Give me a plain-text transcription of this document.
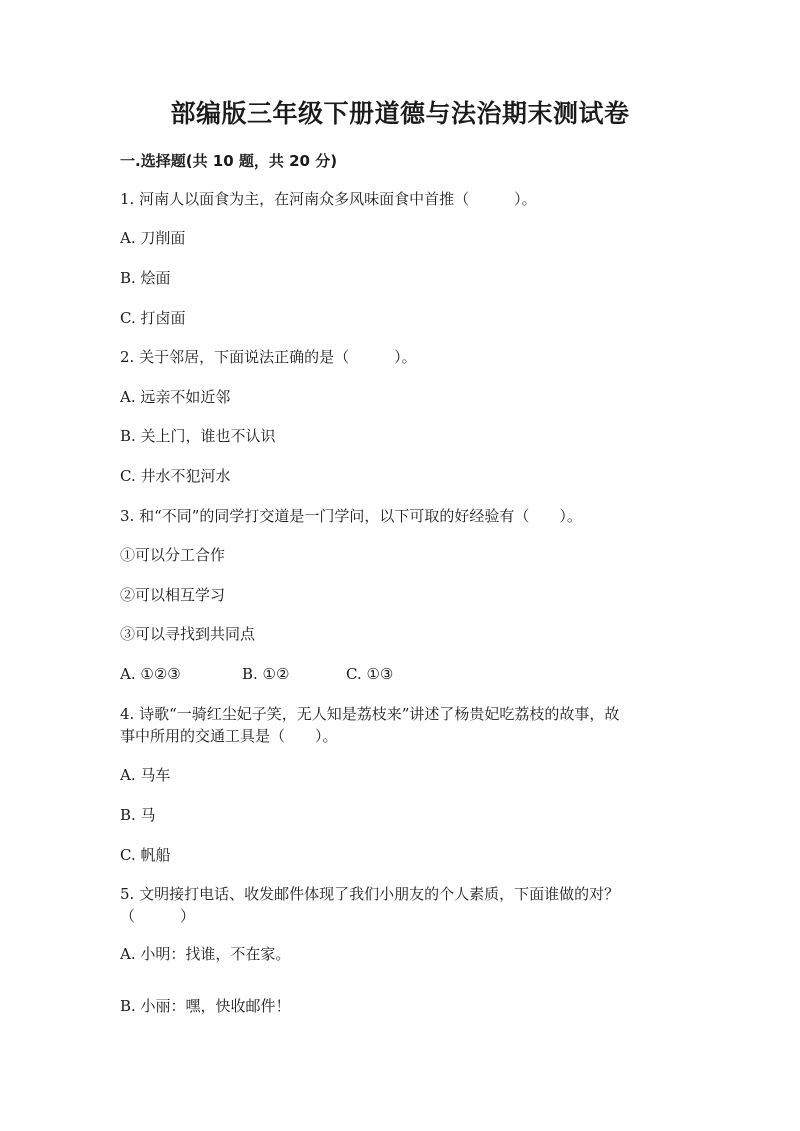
部编版三年级下册道德与法治期末测试卷
一.选择题(共 10 题，共 20 分)
1. 河南人以面食为主，在河南众多风味面食中首推（　　　）。
A. 刀削面
B. 烩面
C. 打卤面
2. 关于邻居，下面说法正确的是（　　　）。
A. 远亲不如近邻
B. 关上门，谁也不认识
C. 井水不犯河水
3. 和“不同”的同学打交道是一门学问，以下可取的好经验有（　　）。
①可以分工合作
②可以相互学习
③可以寻找到共同点
A. ①②③	B. ①②	C. ①③
4. 诗歌“一骑红尘妃子笑，无人知是荔枝来”讲述了杨贵妃吃荔枝的故事，故
事中所用的交通工具是（　　）。
A. 马车
B. 马
C. 帆船
5. 文明接打电话、收发邮件体现了我们小朋友的个人素质，下面谁做的对？
（　　　）
A. 小明：找谁，不在家。
B. 小丽：嘿，快收邮件！
